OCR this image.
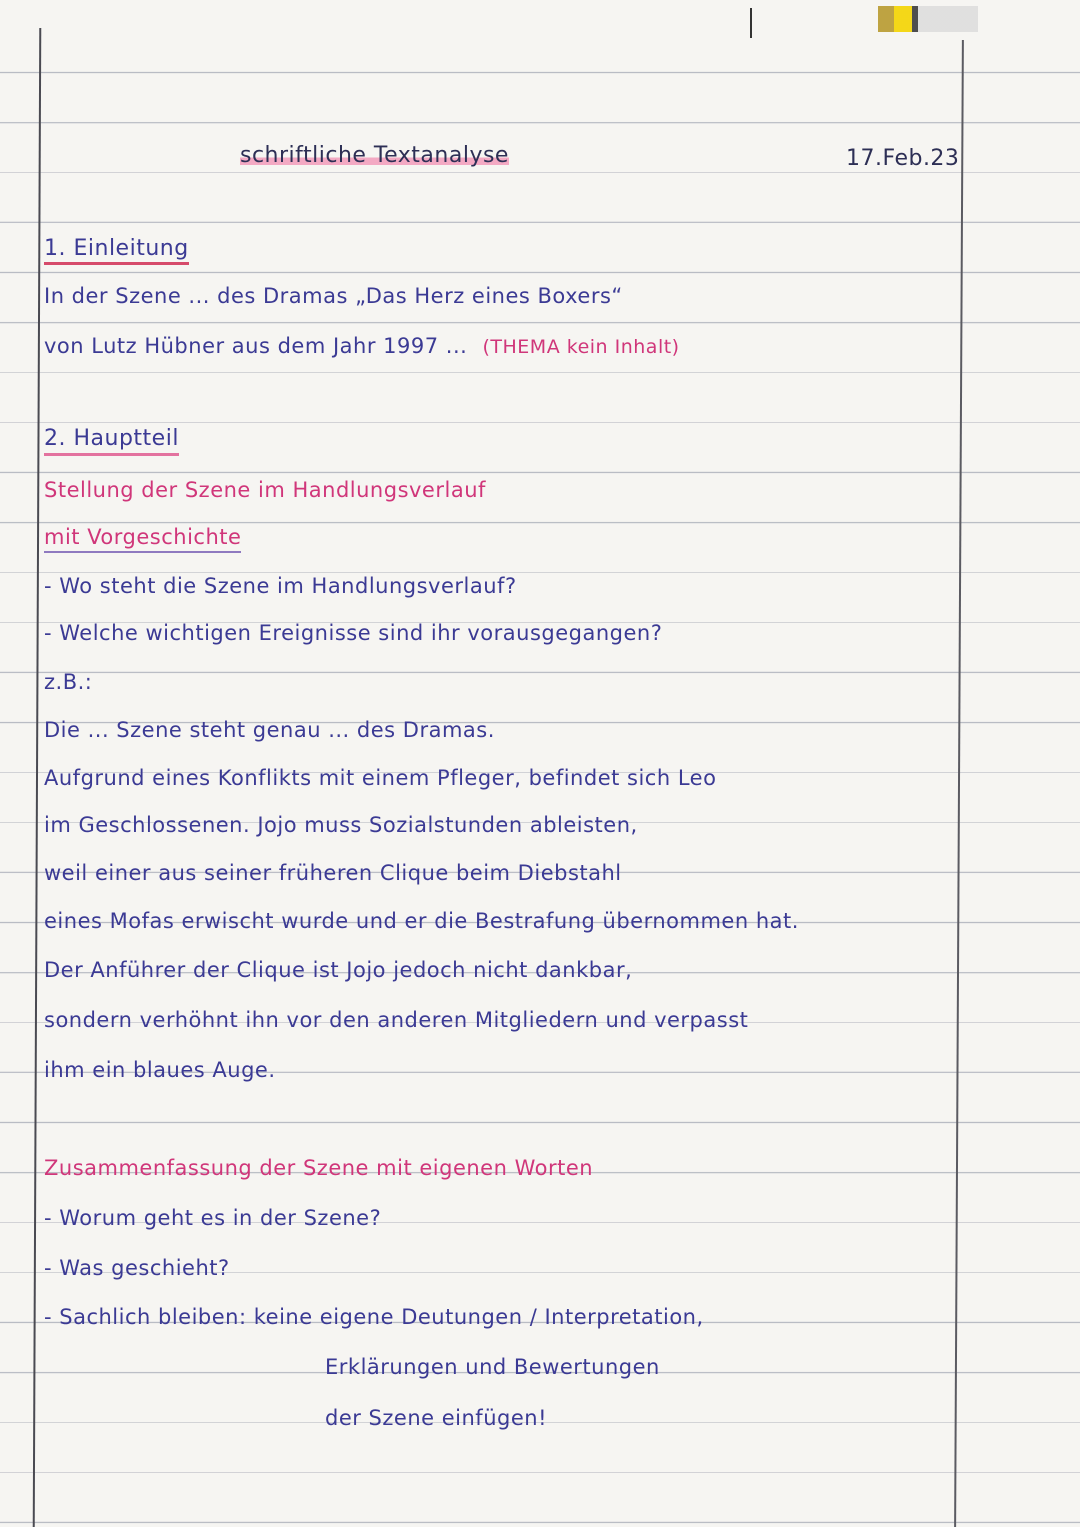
schriftliche Textanalyse	17.Feb.23
1. Einleitung
In der Szene ... des Dramas „Das Herz eines Boxers“
von Lutz Hübner aus dem Jahr 1997 ... (THEMA kein Inhalt)
2. Hauptteil
Stellung der Szene im Handlungsverlauf
mit Vorgeschichte
- Wo steht die Szene im Handlungsverlauf?
- Welche wichtigen Ereignisse sind ihr vorausgegangen?
z.B.:
Die ... Szene steht genau ... des Dramas.
Aufgrund eines Konflikts mit einem Pfleger, befindet sich Leo
im Geschlossenen. Jojo muss Sozialstunden ableisten,
weil einer aus seiner früheren Clique beim Diebstahl
eines Mofas erwischt wurde und er die Bestrafung übernommen hat.
Der Anführer der Clique ist Jojo jedoch nicht dankbar,
sondern verhöhnt ihn vor den anderen Mitgliedern und verpasst
ihm ein blaues Auge.
Zusammenfassung der Szene mit eigenen Worten
- Worum geht es in der Szene?
- Was geschieht?
- Sachlich bleiben: keine eigene Deutungen / Interpretation,
Erklärungen und Bewertungen
der Szene einfügen!
